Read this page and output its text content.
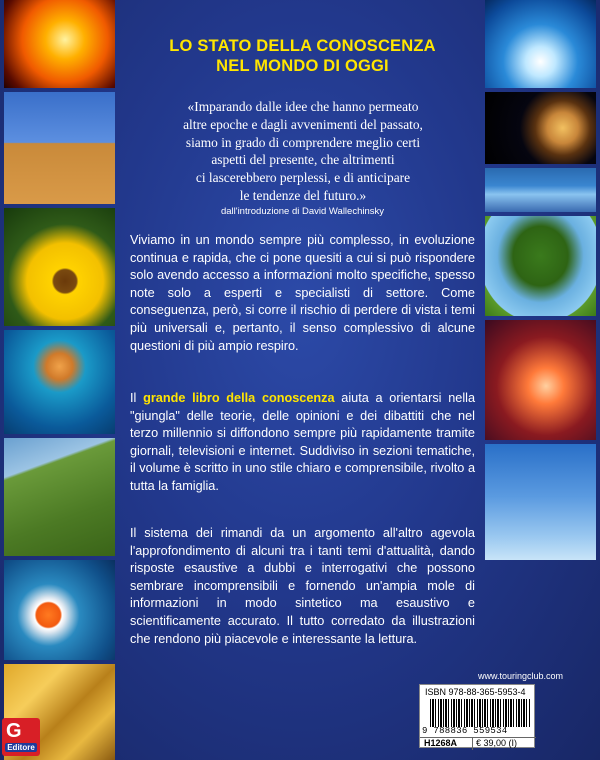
G
Editore
LO STATO DELLA CONOSCENZA
NEL MONDO DI OGGI
«Imparando dalle idee che hanno permeato
altre epoche e dagli avvenimenti del passato,
siamo in grado di comprendere meglio certi
aspetti del presente, che altrimenti
ci lascerebbero perplessi, e di anticipare
le tendenze del futuro.»
dall'introduzione di David Wallechinsky

Viviamo in un mondo sempre più complesso, in evoluzione continua e rapida, che ci pone quesiti a cui si può rispondere solo avendo accesso a informazioni molto specifiche, spesso note solo a esperti e specialisti di settore. Come conseguenza, però, si corre il rischio di perdere di vista i temi più universali e, pertanto, il senso complessivo di alcune questioni di più ampio respiro.

Il grande libro della conoscenza aiuta a orientarsi nella "giungla" delle teorie, delle opinioni e dei dibattiti che nel terzo millennio si diffondono sempre più rapidamente tramite giornali, televisioni e internet. Suddiviso in sezioni tematiche, il volume è scritto in uno stile chiaro e comprensibile, rivolto a tutta la famiglia.

Il sistema dei rimandi da un argomento all'altro agevola l'approfondimento di alcuni tra i tanti temi d'attualità, dando risposte esaustive a dubbi e interrogativi che possono sembrare incomprensibili e fornendo un'ampia mole di informazioni in modo sintetico ma esaustivo e scientificamente accurato. Il tutto corredato da illustrazioni che rendono più piacevole e interessante la lettura.

www.touringclub.com
ISBN 978-88-365-5953-4
9 788836 559534
H1268A	€ 39,00 (I)
